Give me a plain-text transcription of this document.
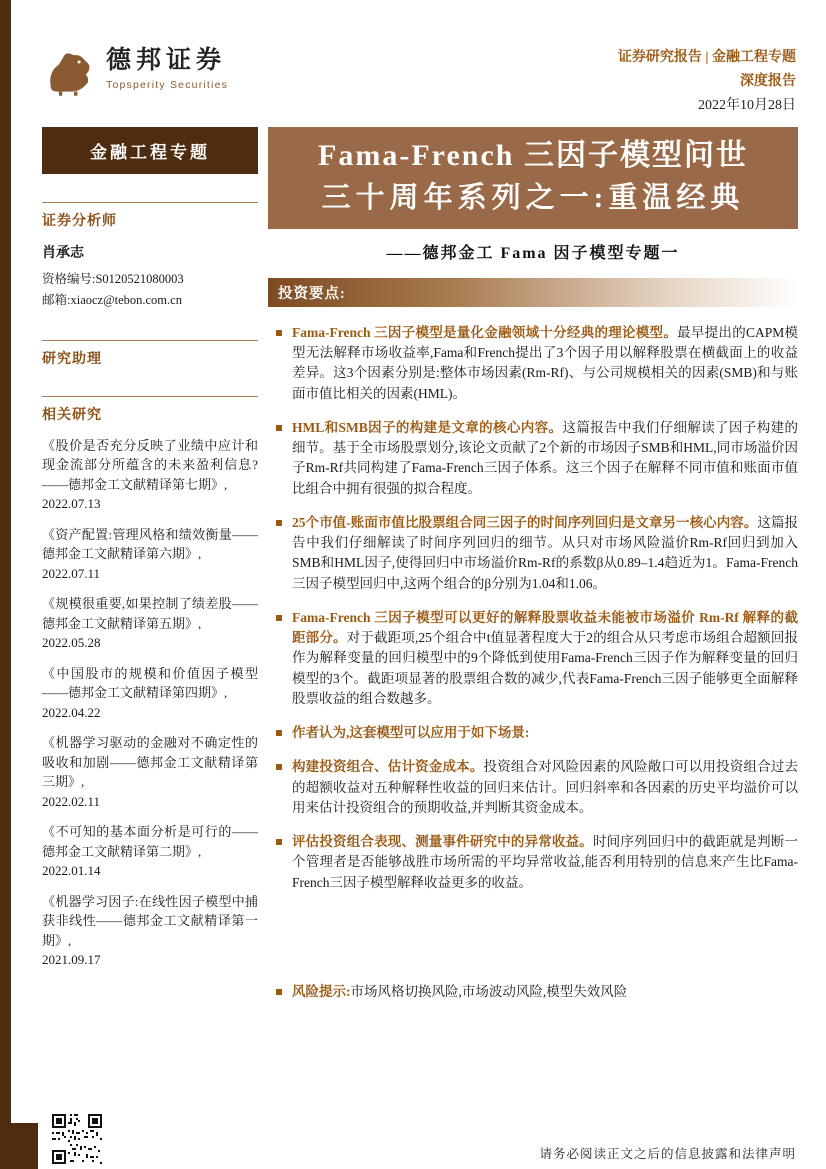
德邦证券
Topsperity Securities
证券研究报告 | 金融工程专题
深度报告
2022年10月28日
金融工程专题
证券分析师
肖承志
资格编号:S0120521080003
邮箱:xiaocz@tebon.com.cn
研究助理
相关研究
《股价是否充分反映了业绩中应计和现金流部分所蕴含的未来盈利信息?——德邦金工文献精译第七期》,
2022.07.13
《资产配置:管理风格和绩效衡量——德邦金工文献精译第六期》,
2022.07.11
《规模很重要,如果控制了绩差股——德邦金工文献精译第五期》,
2022.05.28
《中国股市的规模和价值因子模型——德邦金工文献精译第四期》,
2022.04.22
《机器学习驱动的金融对不确定性的吸收和加剧——德邦金工文献精译第三期》,
2022.02.11
《不可知的基本面分析是可行的——德邦金工文献精译第二期》,
2022.01.14
《机器学习因子:在线性因子模型中捕获非线性——德邦金工文献精译第一期》,
2021.09.17
Fama-French 三因子模型问世
三十周年系列之一:重温经典
——德邦金工 Fama 因子模型专题一
投资要点:

Fama-French 三因子模型是量化金融领域十分经典的理论模型。最早提出的CAPM模型无法解释市场收益率,Fama和French提出了3个因子用以解释股票在横截面上的收益差异。这3个因素分别是:整体市场因素(Rm-Rf)、与公司规模相关的因素(SMB)和与账面市值比相关的因素(HML)。

HML和SMB因子的构建是文章的核心内容。这篇报告中我们仔细解读了因子构建的细节。基于全市场股票划分,该论文贡献了2个新的市场因子SMB和HML,同市场溢价因子Rm-Rf共同构建了Fama-French三因子体系。这三个因子在解释不同市值和账面市值比组合中拥有很强的拟合程度。

25个市值-账面市值比股票组合同三因子的时间序列回归是文章另一核心内容。这篇报告中我们仔细解读了时间序列回归的细节。从只对市场风险溢价Rm-Rf回归到加入SMB和HML因子,使得回归中市场溢价Rm-Rf的系数β从0.89–1.4趋近为1。Fama-French三因子模型回归中,这两个组合的β分别为1.04和1.06。

Fama-French 三因子模型可以更好的解释股票收益未能被市场溢价 Rm-Rf 解释的截距部分。对于截距项,25个组合中t值显著程度大于2的组合从只考虑市场组合超额回报作为解释变量的回归模型中的9个降低到使用Fama-French三因子作为解释变量的回归模型的3个。截距项显著的股票组合数的减少,代表Fama-French三因子能够更全面解释股票收益的组合数越多。

作者认为,这套模型可以应用于如下场景:

构建投资组合、估计资金成本。投资组合对风险因素的风险敞口可以用投资组合过去的超额收益对五种解释性收益的回归来估计。回归斜率和各因素的历史平均溢价可以用来估计投资组合的预期收益,并判断其资金成本。

评估投资组合表现、测量事件研究中的异常收益。时间序列回归中的截距就是判断一个管理者是否能够战胜市场所需的平均异常收益,能否利用特别的信息来产生比Fama-French三因子模型解释收益更多的收益。

风险提示:市场风格切换风险,市场波动风险,模型失效风险

请务必阅读正文之后的信息披露和法律声明
